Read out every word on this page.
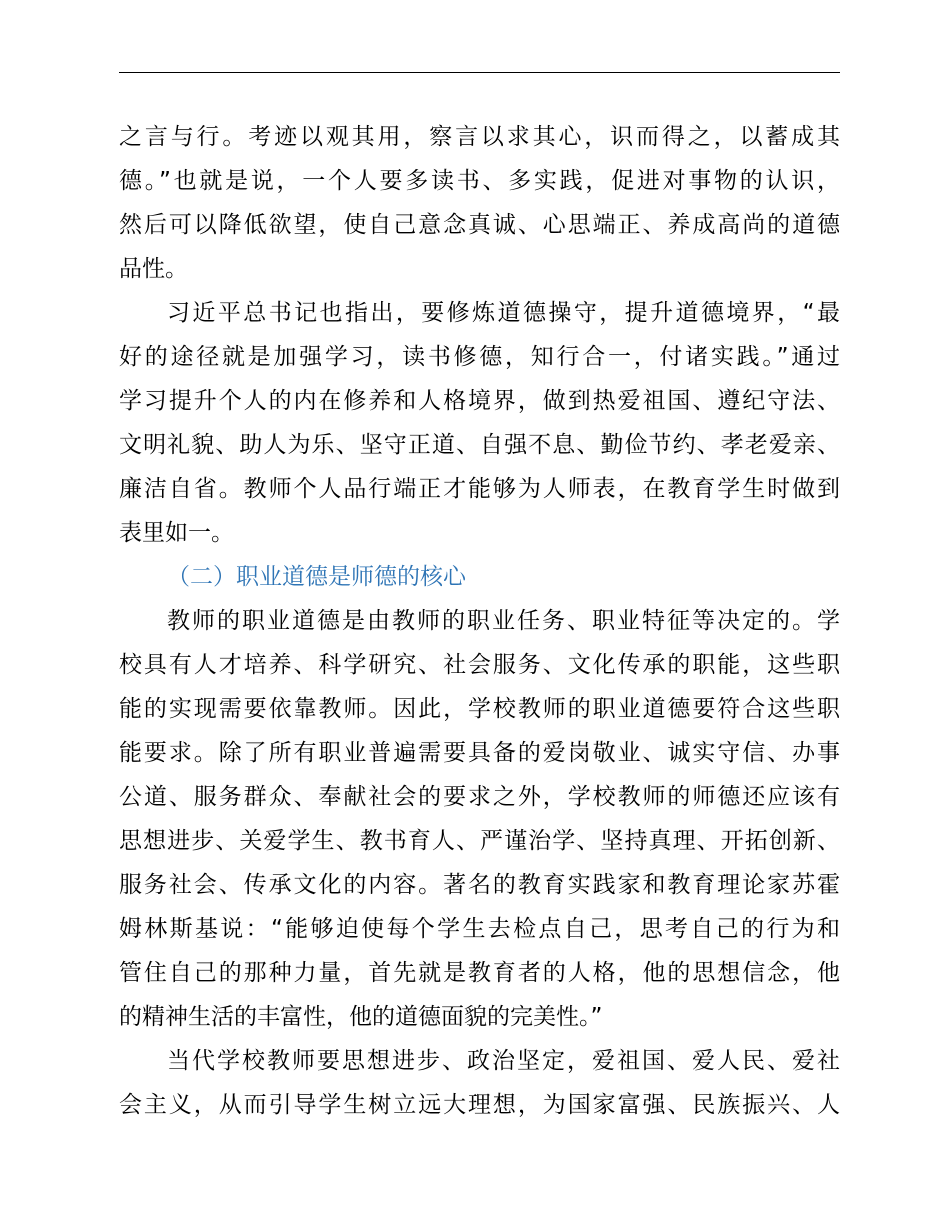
之言与行。考迹以观其用，察言以求其心，识而得之，以蓄成其
德。”也就是说，一个人要多读书、多实践，促进对事物的认识，
然后可以降低欲望，使自己意念真诚、心思端正、养成高尚的道德
品性。
习近平总书记也指出，要修炼道德操守，提升道德境界，“最
好的途径就是加强学习，读书修德，知行合一，付诸实践。”通过
学习提升个人的内在修养和人格境界，做到热爱祖国、遵纪守法、
文明礼貌、助人为乐、坚守正道、自强不息、勤俭节约、孝老爱亲、
廉洁自省。教师个人品行端正才能够为人师表，在教育学生时做到
表里如一。
（二）职业道德是师德的核心
教师的职业道德是由教师的职业任务、职业特征等决定的。学
校具有人才培养、科学研究、社会服务、文化传承的职能，这些职
能的实现需要依靠教师。因此，学校教师的职业道德要符合这些职
能要求。除了所有职业普遍需要具备的爱岗敬业、诚实守信、办事
公道、服务群众、奉献社会的要求之外，学校教师的师德还应该有
思想进步、关爱学生、教书育人、严谨治学、坚持真理、开拓创新、
服务社会、传承文化的内容。著名的教育实践家和教育理论家苏霍
姆林斯基说：“能够迫使每个学生去检点自己，思考自己的行为和
管住自己的那种力量，首先就是教育者的人格，他的思想信念，他
的精神生活的丰富性，他的道德面貌的完美性。”
当代学校教师要思想进步、政治坚定，爱祖国、爱人民、爱社
会主义，从而引导学生树立远大理想，为国家富强、民族振兴、人
